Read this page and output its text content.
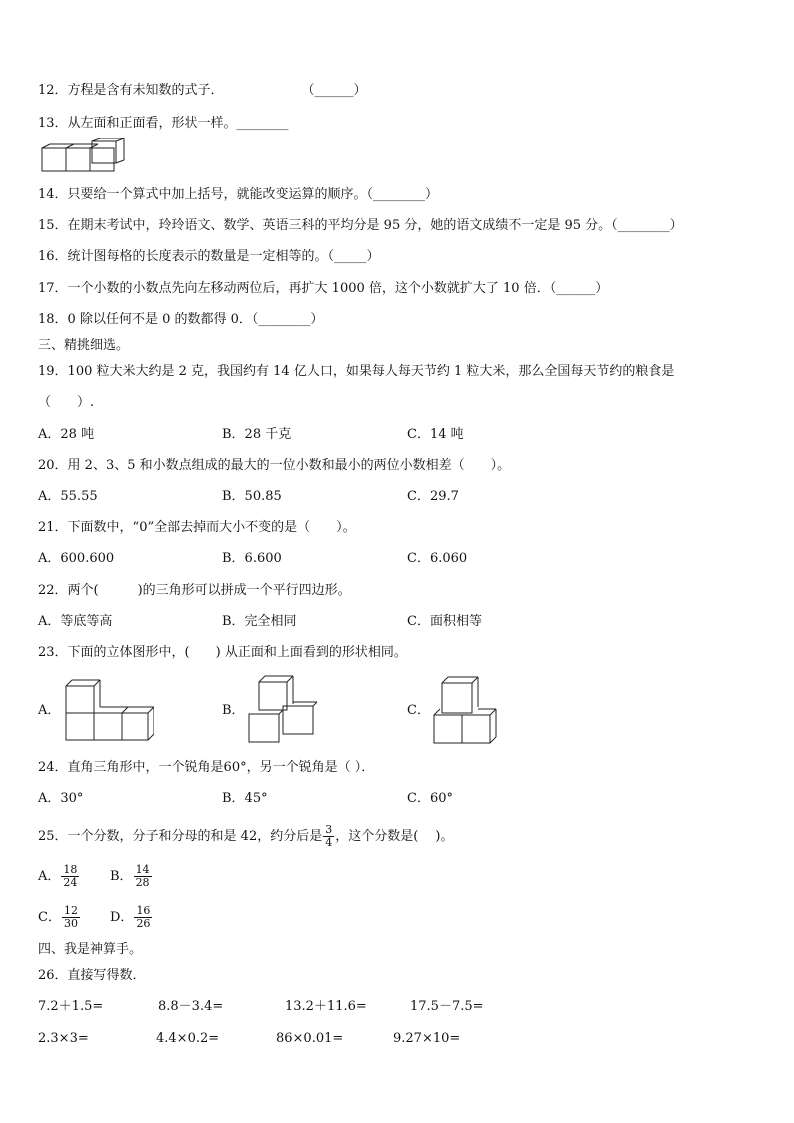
12．方程是含有未知数的式子．　　　　　　　（______）
13．从左面和正面看，形状一样。________
14．只要给一个算式中加上括号，就能改变运算的顺序。（________）
15．在期末考试中，玲玲语文、数学、英语三科的平均分是 95 分，她的语文成绩不一定是 95 分。（________）
16．统计图每格的长度表示的数量是一定相等的。（_____）
17．一个小数的小数点先向左移动两位后，再扩大 1000 倍，这个小数就扩大了 10 倍．（______）
18．0 除以任何不是 0 的数都得 0．（________）
三、精挑细选。
19．100 粒大米大约是 2 克，我国约有 14 亿人口，如果每人每天节约 1 粒大米，那么全国每天节约的粮食是
（　　）.
A．28 吨	B．28 千克	C．14 吨
20．用 2、3、5 和小数点组成的最大的一位小数和最小的两位小数相差（　　）。
A．55.55	B．50.85	C．29.7
21．下面数中，“0”全部去掉而大小不变的是（　　）。
A．600.600	B．6.600	C．6.060
22．两个(　　　)的三角形可以拼成一个平行四边形。
A．等底等高	B．完全相同	C．面积相等
23．下面的立体图形中，(　　) 从正面和上面看到的形状相同。
A．	B．	C．
24．直角三角形中，一个锐角是60°，另一个锐角是（ ）．
A．30°	B．45°	C．60°
25．一个分数，分子和分母的和是 42，约分后是 $\frac{3}{4}$ ，这个分数是(　 )。
A． $\frac{18}{24}$ B． $\frac{14}{28}$
C． $\frac{12}{30}$ D． $\frac{16}{26}$
四、我是神算手。
26．直接写得数．
7.2＋1.5=	8.8－3.4=	13.2＋11.6=	17.5－7.5=
2.3×3=	4.4×0.2=	86×0.01=	9.27×10=
